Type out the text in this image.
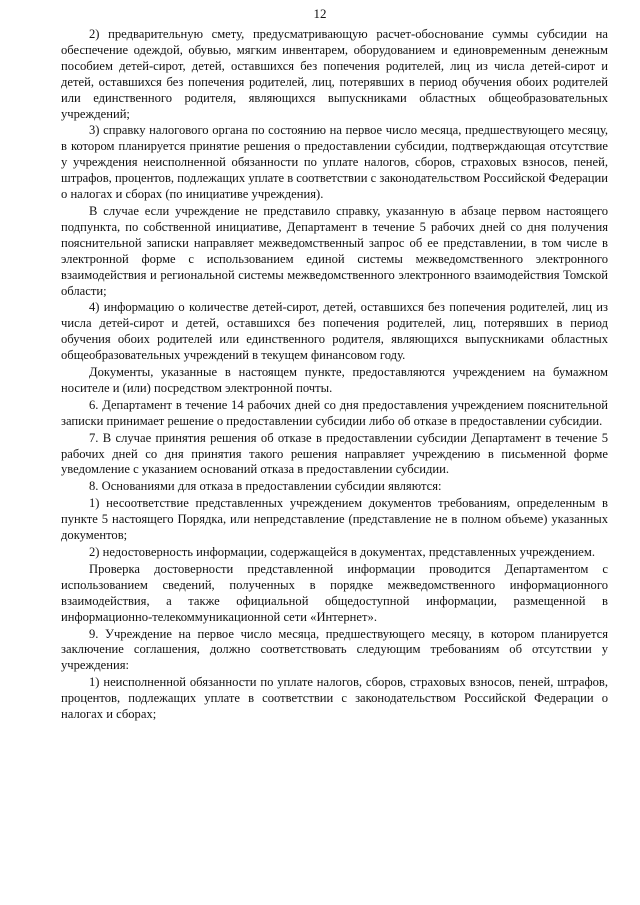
12

2) предварительную смету, предусматривающую расчет-обоснование суммы субсидии на обеспечение одеждой, обувью, мягким инвентарем, оборудованием и единовременным денежным пособием детей-сирот, детей, оставшихся без попечения родителей, лиц из числа детей-сирот и детей, оставшихся без попечения родителей, лиц, потерявших в период обучения обоих родителей или единственного родителя, являющихся выпускниками областных общеобразовательных учреждений;

3) справку налогового органа по состоянию на первое число месяца, предшествующего месяцу, в котором планируется принятие решения о предоставлении субсидии, подтверждающая отсутствие у учреждения неисполненной обязанности по уплате налогов, сборов, страховых взносов, пеней, штрафов, процентов, подлежащих уплате в соответствии с законодательством Российской Федерации о налогах и сборах (по инициативе учреждения).

В случае если учреждение не представило справку, указанную в абзаце первом настоящего подпункта, по собственной инициативе, Департамент в течение 5 рабочих дней со дня получения пояснительной записки направляет межведомственный запрос об ее представлении, в том числе в электронной форме с использованием единой системы межведомственного электронного взаимодействия и региональной системы межведомственного электронного взаимодействия Томской области;

4) информацию о количестве детей-сирот, детей, оставшихся без попечения родителей, лиц из числа детей-сирот и детей, оставшихся без попечения родителей, лиц, потерявших в период обучения обоих родителей или единственного родителя, являющихся выпускниками областных общеобразовательных учреждений в текущем финансовом году.

Документы, указанные в настоящем пункте, предоставляются учреждением на бумажном носителе и (или) посредством электронной почты.

6. Департамент в течение 14 рабочих дней со дня предоставления учреждением пояснительной записки принимает решение о предоставлении субсидии либо об отказе в предоставлении субсидии.

7. В случае принятия решения об отказе в предоставлении субсидии Департамент в течение 5 рабочих дней со дня принятия такого решения направляет учреждению в письменной форме уведомление с указанием оснований отказа в предоставлении субсидии.

8. Основаниями для отказа в предоставлении субсидии являются:

1) несоответствие представленных учреждением документов требованиям, определенным в пункте 5 настоящего Порядка, или непредставление (представление не в полном объеме) указанных документов;

2) недостоверность информации, содержащейся в документах, представленных учреждением.

Проверка достоверности представленной информации проводится Департаментом с использованием сведений, полученных в порядке межведомственного информационного взаимодействия, а также официальной общедоступной информации, размещенной в информационно-телекоммуникационной сети «Интернет».

9. Учреждение на первое число месяца, предшествующего месяцу, в котором планируется заключение соглашения, должно соответствовать следующим требованиям об отсутствии у учреждения:

1) неисполненной обязанности по уплате налогов, сборов, страховых взносов, пеней, штрафов, процентов, подлежащих уплате в соответствии с законодательством Российской Федерации о налогах и сборах;
